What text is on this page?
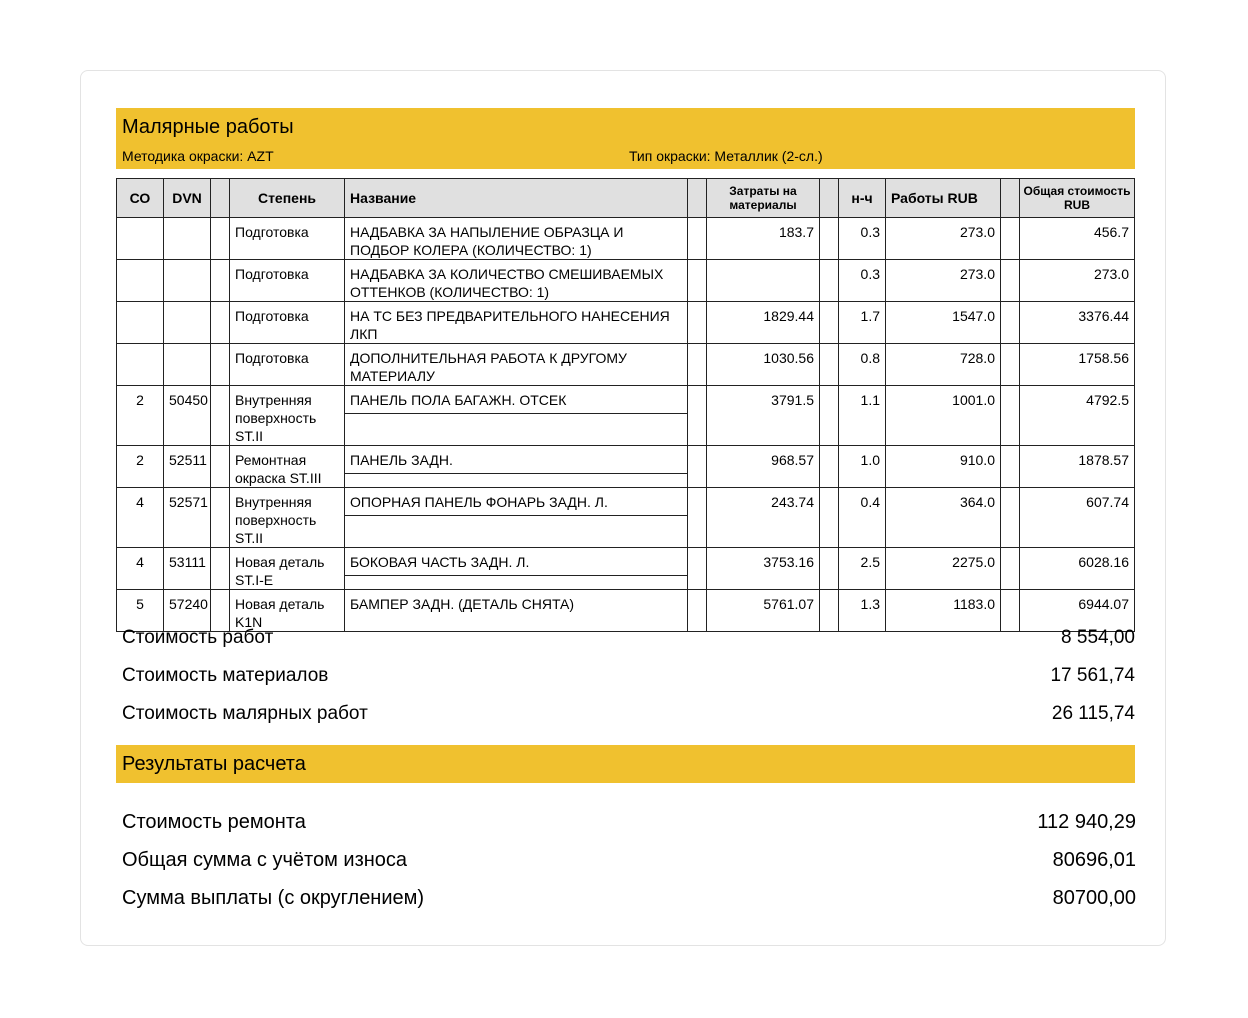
Малярные работы
Методика окраски: AZT	Тип окраски: Металлик (2-сл.)
СО	DVN		Степень	Название		Затраты на материалы		н-ч	Работы RUB		Общая стоимость RUB

			Подготовка	НАДБАВКА ЗА НАПЫЛЕНИЕ ОБРАЗЦА И ПОДБОР КОЛЕРА (КОЛИЧЕСТВО: 1)		183.7		0.3	273.0		456.7

			Подготовка	НАДБАВКА ЗА КОЛИЧЕСТВО СМЕШИВАЕМЫХ ОТТЕНКОВ (КОЛИЧЕСТВО: 1)				0.3	273.0		273.0

			Подготовка	НА ТС БЕЗ ПРЕДВАРИТЕЛЬНОГО НАНЕСЕНИЯ ЛКП		1829.44		1.7	1547.0		3376.44

			Подготовка	ДОПОЛНИТЕЛЬНАЯ РАБОТА К ДРУГОМУ МАТЕРИАЛУ		1030.56		0.8	728.0		1758.56

2	50450		Внутренняя поверхность ST.II	ПАНЕЛЬ ПОЛА БАГАЖН. ОТСЕК		3791.5		1.1	1001.0		4792.5

2	52511		Ремонтная окраска ST.III	ПАНЕЛЬ ЗАДН.		968.57		1.0	910.0		1878.57

4	52571		Внутренняя поверхность ST.II	ОПОРНАЯ ПАНЕЛЬ ФОНАРЬ ЗАДН. Л.		243.74		0.4	364.0		607.74

4	53111		Новая деталь ST.I-E	БОКОВАЯ ЧАСТЬ ЗАДН. Л.		3753.16		2.5	2275.0		6028.16

5	57240		Новая деталь K1N	БАМПЕР ЗАДН. (ДЕТАЛЬ СНЯТА)		5761.07		1.3	1183.0		6944.07
Стоимость работ	8 554,00
Стоимость материалов	17 561,74
Стоимость малярных работ	26 115,74
Результаты расчета
Стоимость ремонта	112 940,29
Общая сумма с учётом износа	80696,01
Сумма выплаты (с округлением)	80700,00
